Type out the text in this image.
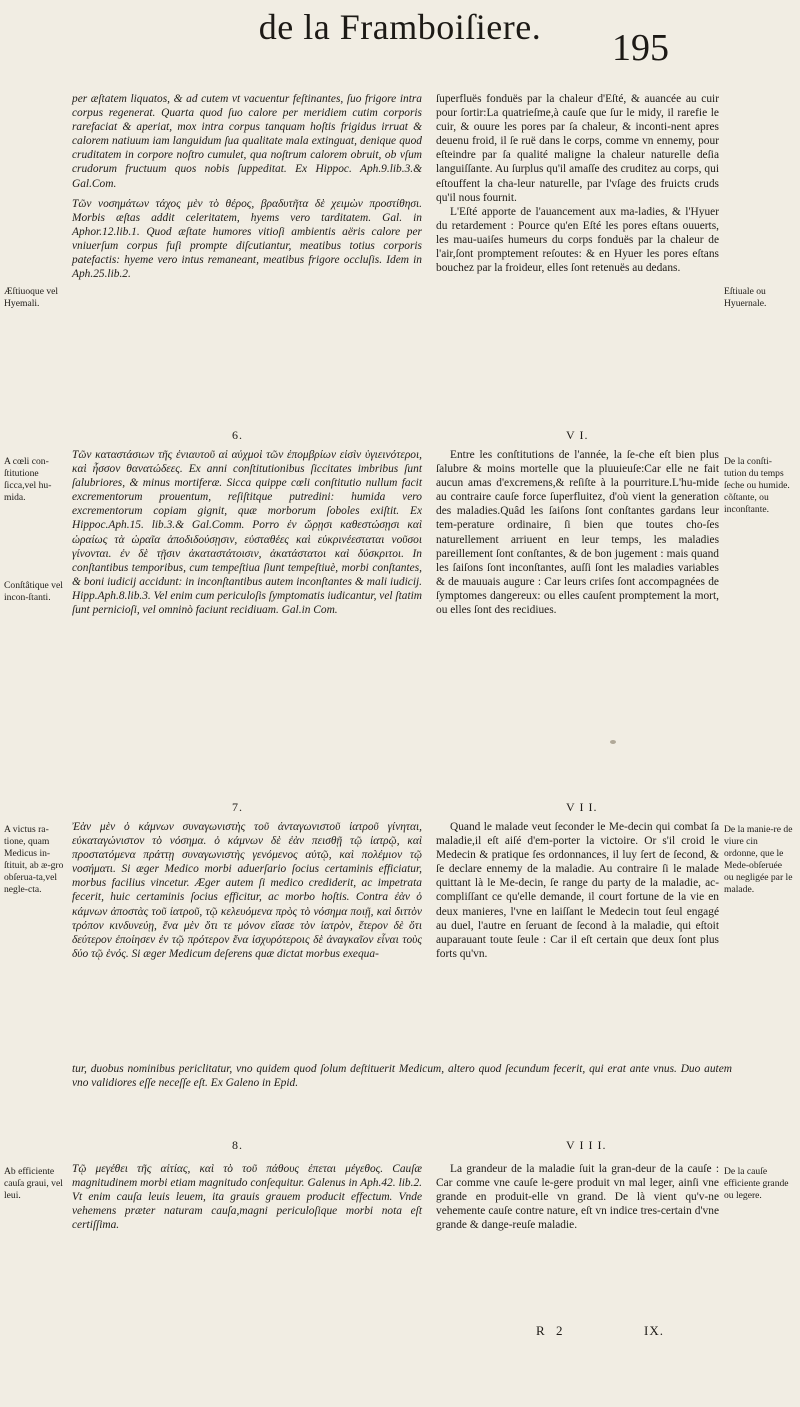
de la Framboiſiere.	195

per æſtatem liquatos, & ad cutem vt vacuentur feſtinantes, ſuo frigore intra corpus regenerat. Quarta quod ſuo calore per meridiem cutim corporis rarefaciat & aperiat, mox intra corpus tanquam hoſtis frigidus irruat & calorem natiuum iam languidum ſua qualitate mala extinguat, denique quod cruditatem in corpore noſtro cumulet, qua noſtrum calorem obruit, ob vſum crudorum fructuum quos nobis ſuppeditat. Ex Hippoc. Aph.9.lib.3.& Gal.Com.

Τῶν νοσημάτων τάχος μὲν τὸ θέρος, βραδυτῆτα δὲ χειμὼν προστίθησι. Morbis æſtas addit celeritatem, hyems vero tarditatem. Gal. in Aphor.12.lib.1. Quod æſtate humores vitioſi ambientis aëris calore per vniuerſum corpus fuſi prompte diſcutiantur, meatibus totius corporis patefactis: hyeme vero intus remaneant, meatibus frigore occluſis. Idem in Aph.25.lib.2.

ſuperfluës fonduës par la chaleur d'Eſté, & auancée au cuir pour ſortir:La quatrieſme,à cauſe que ſur le midy, il rarefie le cuir, & ouure les pores par ſa chaleur, & inconti-nent apres deuenu froid, il ſe ruë dans le corps, comme vn ennemy, pour eſteindre par ſa qualité maligne la chaleur naturelle deſia languiſſante. Au ſurplus qu'il amaſſe des cruditez au corps, qui eſtouffent la cha-leur naturelle, par l'vſage des fruicts cruds qu'il nous fournit.

L'Eſté apporte de l'auancement aux ma-ladies, & l'Hyuer du retardement : Pource qu'en Eſté les pores eſtans ouuerts, les mau-uaiſes humeurs du corps fonduës par la chaleur de l'air,ſont promptement reſoutes: & en Hyuer les pores eſtans bouchez par la froideur, elles ſont retenuës au dedans.

Æſtiuoque vel Hyemali.
Eſtiuale ou Hyuernale.
6.	V I.

Τῶν καταστάσιων τῆς ἐνιαυτοῦ αἱ αὐχμοὶ τῶν ἐπομβρίων εἰσὶν ὑγιεινότεροι, καὶ ἧσσον θανατώδεες. Ex anni conſtitutionibus ſiccitates imbribus ſunt ſalubriores, & minus mortiferæ. Sicca quippe cœli conſtitutio nullum facit excrementorum prouentum, reſiſtitque putredini: humida vero excrementorum copiam gignit, quæ morborum ſoboles exiſtit. Ex Hippoc.Aph.15. lib.3.& Gal.Comm. Porro ἐν ὥρῃσι καθεστώσῃσι καὶ ὡραίως τὰ ὡραῖα ἀποδιδούσῃσιν, εὐσταθέες καὶ εὐκρινέεσταται νοῦσοι γίνονται. ἐν δὲ τῇσιν ἀκαταστάτοισιν, ἀκατάστατοι καὶ δύσκριτοι. In conſtantibus temporibus, cum tempeſtiua ſiunt tempeſtiuè, morbi conſtantes, & boni iudicij accidunt: in inconſtantibus autem inconſtantes & mali iudicij. Hipp.Aph.8.lib.3. Vel enim cum periculoſis ſymptomatis iudicantur, vel ſtatim ſunt pernicioſi, vel omninò faciunt recidiuam. Gal.in Com.

Entre les conſtitutions de l'année, la ſe-che eſt bien plus ſalubre & moins mortelle que la pluuieuſe:Car elle ne fait aucun amas d'excremens,& reſiſte à la pourriture.L'hu-mide au contraire cauſe force ſuperfluitez, d'où vient la generation des maladies.Quâd les ſaiſons ſont conſtantes gardans leur tem-perature ordinaire, ſi bien que toutes cho-ſes naturellement arriuent en leur temps, les maladies pareillement ſont conſtantes, & de bon jugement : mais quand les ſaiſons ſont inconſtantes, auſſi ſont les maladies variables & de mauuais augure : Car leurs criſes ſont accompagnées de ſymptomes dangereux: ou elles cauſent promptement la mort, ou elles ſont des recidiues.

A cœli con-ſtitutione ſicca,vel hu-mida.
Conſtâtique vel incon-ſtanti.
De la conſti-tution du temps ſeche ou humide. cõſtante, ou inconſtante.
7.	V I I.

Ἐὰν μὲν ὁ κάμνων συναγωνιστὴς τοῦ ἀνταγωνιστοῦ ἰατροῦ γίνηται, εὐκαταγώνιστον τὸ νόσημα. ὁ κάμνων δὲ ἐὰν πεισθῇ τῷ ἰατρῷ, καὶ προστατόμενα πράττῃ συναγωνιστὴς γενόμενος αὐτῷ, καὶ πολέμιον τῷ νοσήματι. Si æger Medico morbi aduerſario ſocius certaminis efficiatur, morbus facilius vincetur. Æger autem ſi medico crediderit, ac impetrata fecerit, huic certaminis ſocius efficitur, ac morbo hoſtis. Contra ἐὰν ὁ κάμνων ἀποστὰς τοῦ ἰατροῦ, τῷ κελευόμενα πρὸς τὸ νόσημα ποιῇ, καὶ διττὸν τρόπον κινδυνεύῃ, ἕνα μὲν ὅτι τε μόνον εἴασε τὸν ἰατρὸν, ἕτερον δὲ ὅτι δεύτερον ἐποίησεν ἐν τῷ πρότερον ἕνα ἰσχυρότεροις δὲ ἀναγκαῖον εἶναι τοὺς δύο τῷ ἑνός. Si æger Medicum deſerens quæ dictat morbus exequa-

Quand le malade veut ſeconder le Me-decin qui combat ſa maladie,il eſt aiſé d'em-porter la victoire. Or s'il croid le Medecin & pratique ſes ordonnances, il luy ſert de ſecond, & ſe declare ennemy de la maladie. Au contraire ſi le malade quittant là le Me-decin, ſe range du party de la maladie, ac-compliſſant ce qu'elle demande, il court fortune de la vie en deux manieres, l'vne en laiſſant le Medecin tout ſeul engagé au duel, l'autre en ſeruant de ſecond à la maladie, qui eſtoit auparauant toute ſeule : Car il eſt certain que deux ſont plus forts qu'vn.

A victus ra-tione, quam Medicus in-ſtituit, ab æ-gro obſerua-ta,vel negle-cta.
De la manie-re de viure cin ordonne, que le Mede-obſeruée ou negligée par le malade.

tur, duobus nominibus periclitatur, vno quidem quod ſolum deſtituerit Medicum, altero quod ſecundum fecerit, qui erat ante vnus. Duo autem vno validiores eſſe neceſſe eſt. Ex Galeno in Epid.

8.	V I I I.

Τῷ μεγέθει τῆς αἰτίας, καὶ τὸ τοῦ πάθους ἐπεται μέγεθος. Cauſæ magnitudinem morbi etiam magnitudo conſequitur. Galenus in Aph.42. lib.2. Vt enim cauſa leuis leuem, ita grauis grauem producit effectum. Vnde vehemens præter naturam cauſa,magni periculoſique morbi nota eſt certiſſima.

La grandeur de la maladie ſuit la gran-deur de la cauſe : Car comme vne cauſe le-gere produit vn mal leger, ainſi vne grande en produit-elle vn grand. De là vient qu'v-ne vehemente cauſe contre nature, eſt vn indice tres-certain d'vne grande & dange-reuſe maladie.

Ab efficiente cauſa graui, vel leui.
De la cauſe efficiente grande ou legere.
R 2	IX.
